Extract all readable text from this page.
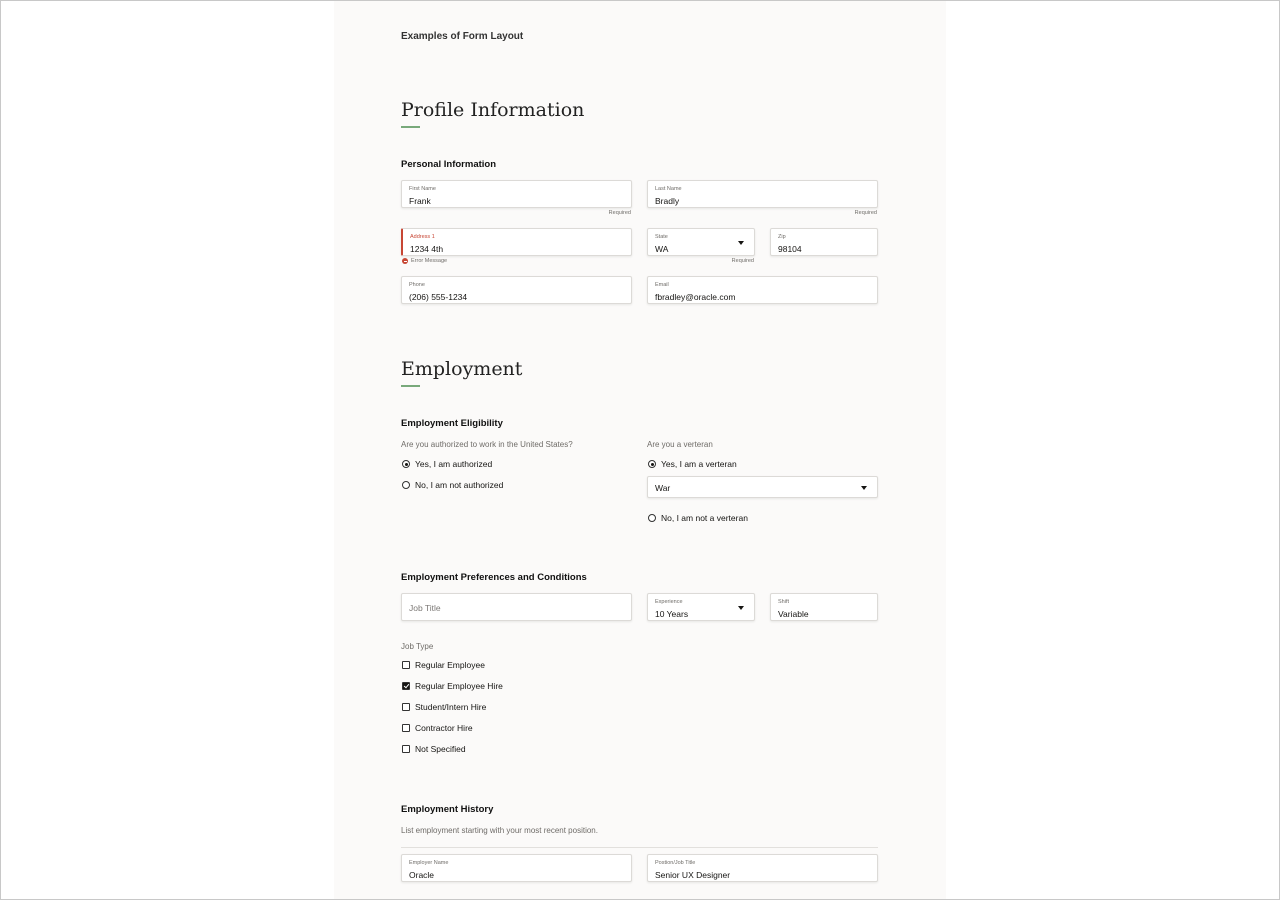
Examples of Form Layout
Profile Information
Personal Information
First Name
Frank
Required
Last Name
Bradly
Required
Address 1
1234 4th
Error Message
State
WA
Required
Zip
98104
Phone
(206) 555-1234
Email
fbradley@oracle.com
Employment
Employment Eligibility
Are you authorized to work in the United States?
Yes, I am authorized
No, I am not authorized
Are you a verteran
Yes, I am a verteran
War
No, I am not a verteran
Employment Preferences and Conditions
Job Title
Experience
10 Years
Shift
Variable
Job Type
Regular Employee
Regular Employee Hire
Student/Intern Hire
Contractor Hire
Not Specified
Employment History
List employment starting with your most recent position.
Employer Name
Oracle
Postion/Job Title
Senior UX Designer
